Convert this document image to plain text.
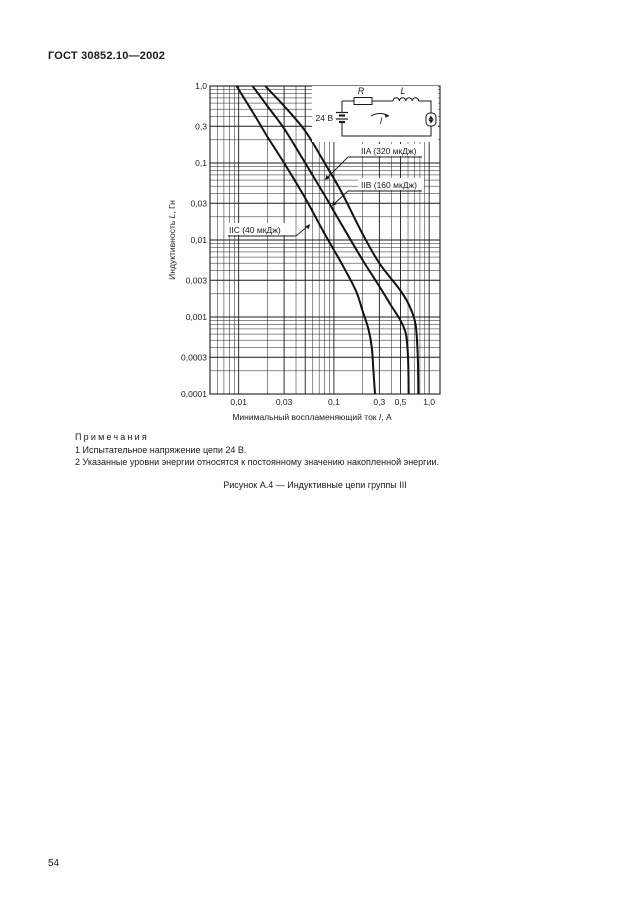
ГОСТ 30852.10—2002
0,01	0,03	0,1	0,3 0,5 1,0
1,0
0,3
0,1
0,03
0,01
0,003
0,001
0,0003
0,0001
R	L
24 В	I
Минимальный воспламеняющий ток I, А
Индуктивность L, Гн
IIA (320 мкДж)
IIB (160 мкДж)
IIC (40 мкДж)
Примечания
1 Испытательное напряжение цепи 24 В.
2 Указанные уровни энергии относятся к постоянному значению накопленной энергии.
Рисунок А.4 — Индуктивные цепи группы III
54
